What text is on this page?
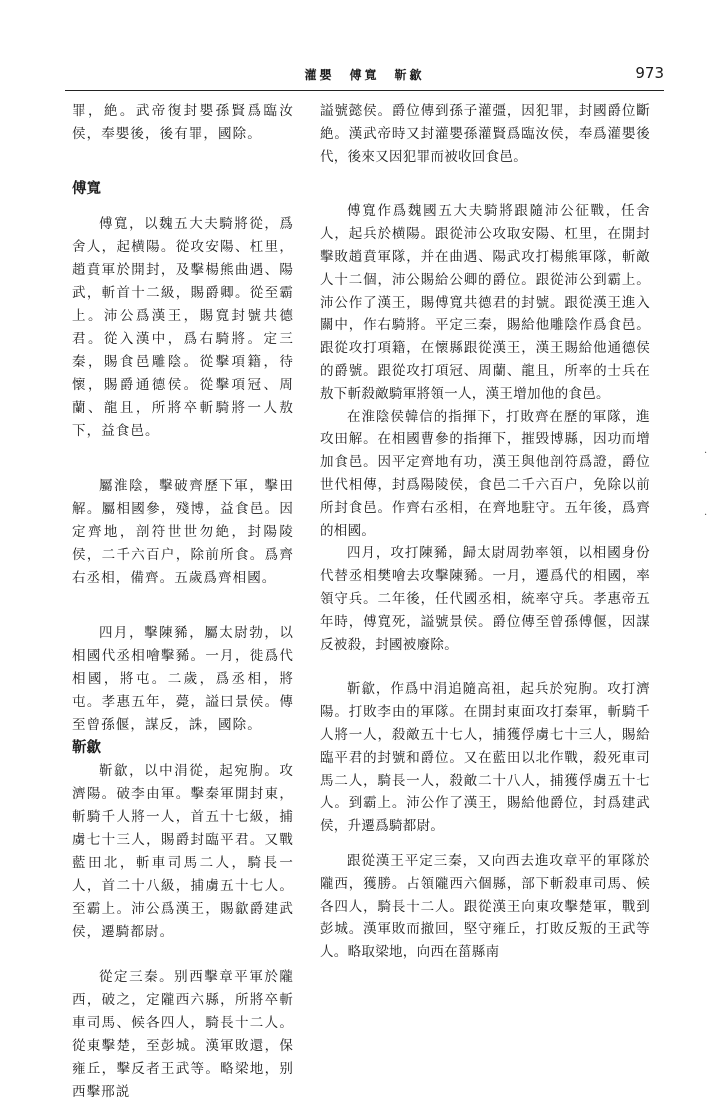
灌嬰　傅寬　靳歙	973

罪，絶。武帝復封嬰孫賢爲臨汝侯，奉嬰後，後有罪，國除。

傅寬

傅寬，以魏五大夫騎將從，爲舍人，起横陽。從攻安陽、杠里，趙賁軍於開封，及擊楊熊曲遇、陽武，斬首十二級，賜爵卿。從至霸上。沛公爲漢王，賜寬封號共德君。從入漢中，爲右騎將。定三秦，賜食邑雕陰。從擊項籍，待懷，賜爵通德侯。從擊項冠、周蘭、龍且，所將卒斬騎將一人敖下，益食邑。

屬淮陰，擊破齊歷下軍，擊田解。屬相國參，殘博，益食邑。因定齊地，剖符世世勿絶，封陽陵侯，二千六百户，除前所食。爲齊右丞相，備齊。五歲爲齊相國。

四月，擊陳豨，屬太尉勃，以相國代丞相噲擊豨。一月，徙爲代相國，將屯。二歲，爲丞相，將屯。孝惠五年，薨，謚曰景侯。傳至曾孫偃，謀反，誅，國除。

靳歙

靳歙，以中涓從，起宛朐。攻濟陽。破李由軍。擊秦軍開封東，斬騎千人將一人，首五十七級，捕虜七十三人，賜爵封臨平君。又戰藍田北，斬車司馬二人，騎長一人，首二十八級，捕虜五十七人。至霸上。沛公爲漢王，賜歙爵建武侯，遷騎都尉。

從定三秦。别西擊章平軍於隴西，破之，定隴西六縣，所將卒斬車司馬、候各四人，騎長十二人。從東擊楚，至彭城。漢軍敗還，保雍丘，擊反者王武等。略梁地，别西擊邢説

謚號懿侯。爵位傳到孫子灌彊，因犯罪，封國爵位斷絶。漢武帝時又封灌嬰孫灌賢爲臨汝侯，奉爲灌嬰後代，後來又因犯罪而被收回食邑。

傅寬作爲魏國五大夫騎將跟隨沛公征戰，任舍人，起兵於横陽。跟從沛公攻取安陽、杠里，在開封擊敗趙賁軍隊，并在曲遇、陽武攻打楊熊軍隊，斬敵人十二個，沛公賜給公卿的爵位。跟從沛公到霸上。沛公作了漢王，賜傅寬共德君的封號。跟從漢王進入關中，作右騎將。平定三秦，賜給他雕陰作爲食邑。跟從攻打項籍，在懷縣跟從漢王，漢王賜給他通德侯的爵號。跟從攻打項冠、周蘭、龍且，所率的士兵在敖下斬殺敵騎軍將領一人，漢王增加他的食邑。

在淮陰侯韓信的指揮下，打敗齊在歷的軍隊，進攻田解。在相國曹參的指揮下，摧毁博縣，因功而增加食邑。因平定齊地有功，漢王與他剖符爲證，爵位世代相傳，封爲陽陵侯，食邑二千六百户，免除以前所封食邑。作齊右丞相，在齊地駐守。五年後，爲齊的相國。

四月，攻打陳豨，歸太尉周勃率領，以相國身份代替丞相樊噲去攻擊陳豨。一月，遷爲代的相國，率領守兵。二年後，任代國丞相，統率守兵。孝惠帝五年時，傅寬死，謚號景侯。爵位傳至曾孫傅偃，因謀反被殺，封國被廢除。

靳歙，作爲中涓追隨高祖，起兵於宛朐。攻打濟陽。打敗李由的軍隊。在開封東面攻打秦軍，斬騎千人將一人，殺敵五十七人，捕獲俘虜七十三人，賜給臨平君的封號和爵位。又在藍田以北作戰，殺死車司馬二人，騎長一人，殺敵二十八人，捕獲俘虜五十七人。到霸上。沛公作了漢王，賜給他爵位，封爲建武侯，升遷爲騎都尉。

跟從漢王平定三秦，又向西去進攻章平的軍隊於隴西，獲勝。占領隴西六個縣，部下斬殺車司馬、候各四人，騎長十二人。跟從漢王向東攻擊楚軍，戰到彭城。漢軍敗而撤回，堅守雍丘，打敗反叛的王武等人。略取梁地，向西在菑縣南

·
·
